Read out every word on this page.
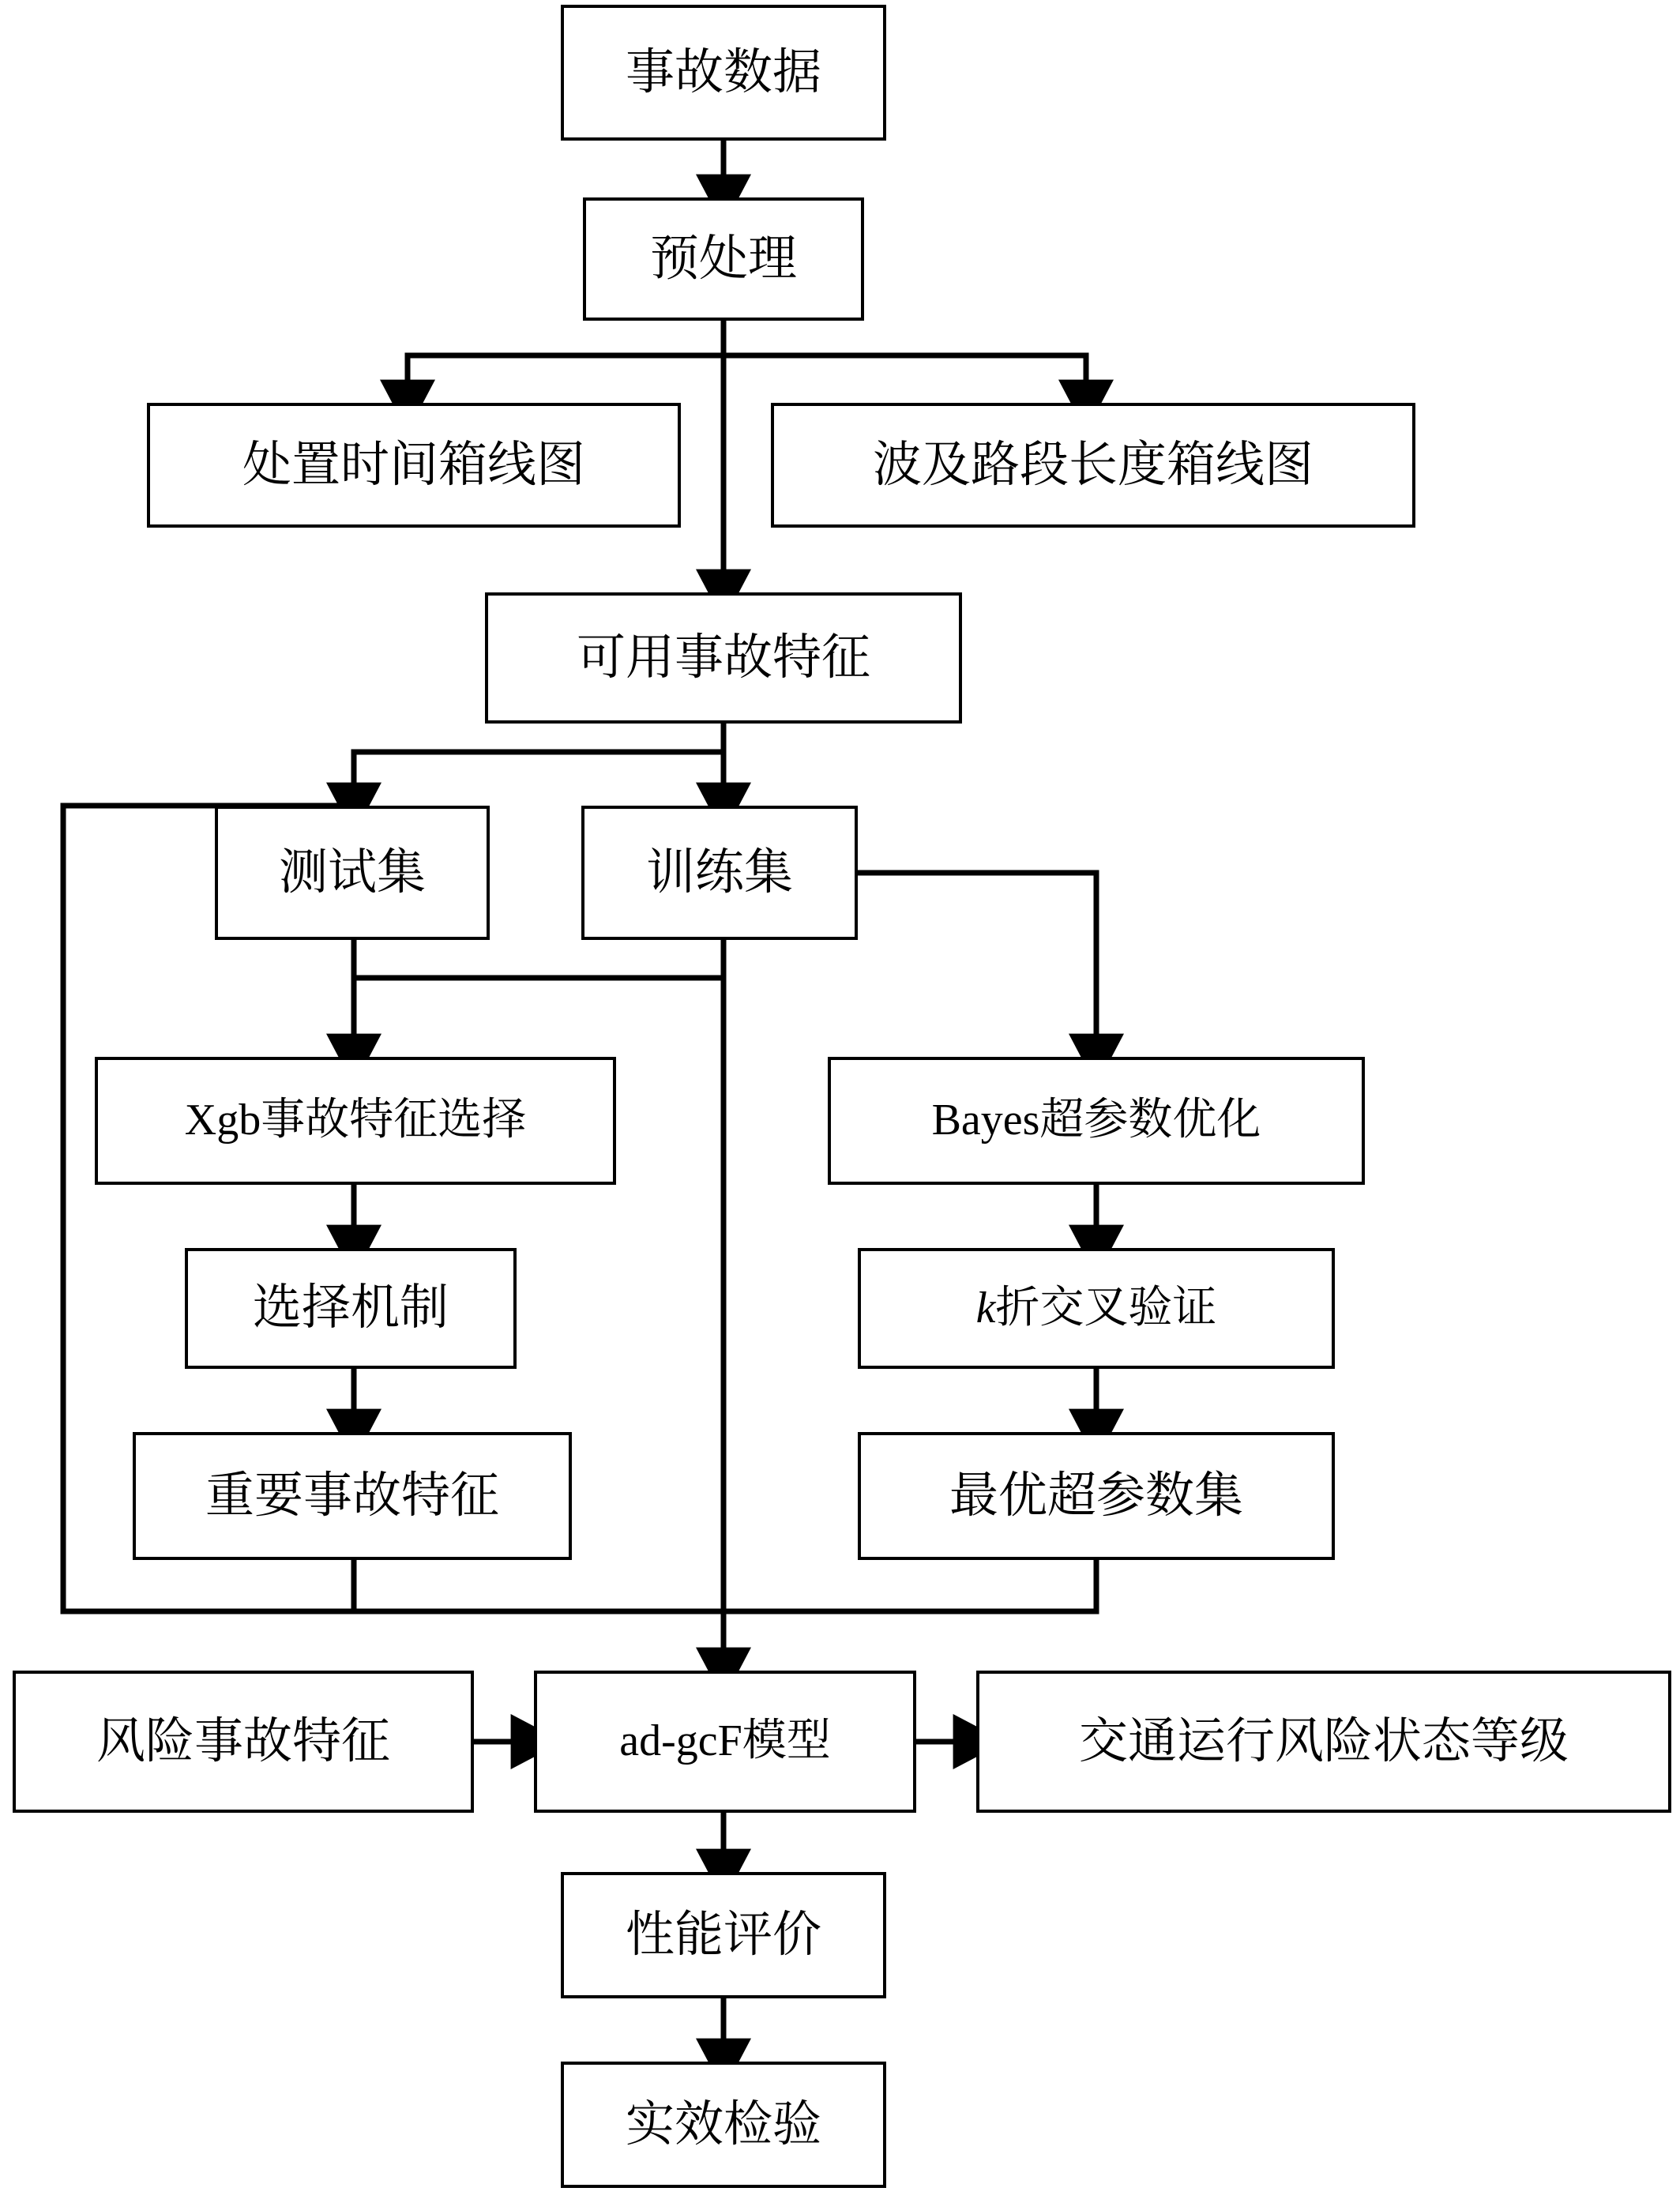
事故数据
预处理
处置时间箱线图	波及路段长度箱线图
可用事故特征
测试集	训练集
Xgb事故特征选择	Bayes超参数优化
选择机制	k折交叉验证
重要事故特征	最优超参数集
风险事故特征	ad-gcF模型	交通运行风险状态等级
性能评价
实效检验
